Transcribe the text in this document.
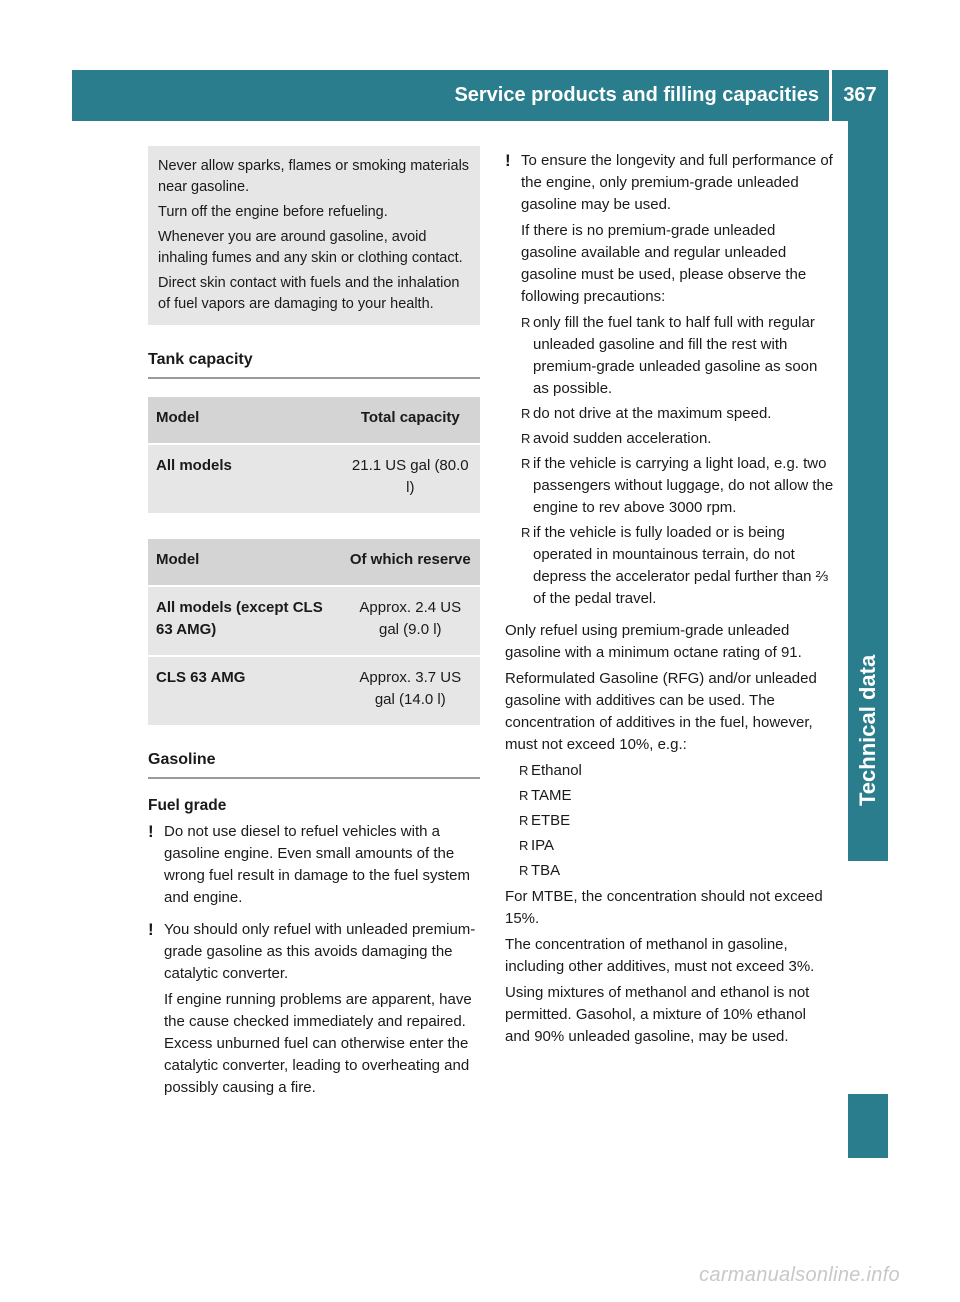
Service products and filling capacities	367
Technical data

Never allow sparks, flames or smoking materials near gasoline.

Turn off the engine before refueling.

Whenever you are around gasoline, avoid inhaling fumes and any skin or clothing contact.

Direct skin contact with fuels and the inhalation of fuel vapors are damaging to your health.

Tank capacity
Model	Total capacity
All models	21.1 US gal (80.0 l)
Model	Of which reserve
All models (except CLS 63 AMG)	Approx. 2.4 US gal (9.0 l)
CLS 63 AMG	Approx. 3.7 US gal (14.0 l)
Gasoline
Fuel grade
! Do not use diesel to refuel vehicles with a gasoline engine. Even small amounts of the wrong fuel result in damage to the fuel system and engine.

! You should only refuel with unleaded premium-grade gasoline as this avoids damaging the catalytic converter.

If engine running problems are apparent, have the cause checked immediately and repaired. Excess unburned fuel can otherwise enter the catalytic converter, leading to overheating and possibly causing a fire.

! To ensure the longevity and full performance of the engine, only premium-grade unleaded gasoline may be used.

If there is no premium-grade unleaded gasoline available and regular unleaded gasoline must be used, please observe the following precautions:

R only fill the fuel tank to half full with regular unleaded gasoline and fill the rest with premium-grade unleaded gasoline as soon as possible.
R do not drive at the maximum speed.
R avoid sudden acceleration.
R if the vehicle is carrying a light load, e.g. two passengers without luggage, do not allow the engine to rev above 3000 rpm.
R if the vehicle is fully loaded or is being operated in mountainous terrain, do not depress the accelerator pedal further than ⅔ of the pedal travel.

Only refuel using premium-grade unleaded gasoline with a minimum octane rating of 91.

Reformulated Gasoline (RFG) and/or unleaded gasoline with additives can be used. The concentration of additives in the fuel, however, must not exceed 10%, e.g.:

R Ethanol
R TAME
R ETBE
R IPA
R TBA

For MTBE, the concentration should not exceed 15%.

The concentration of methanol in gasoline, including other additives, must not exceed 3%.

Using mixtures of methanol and ethanol is not permitted. Gasohol, a mixture of 10% ethanol and 90% unleaded gasoline, may be used.

carmanualsonline.info
